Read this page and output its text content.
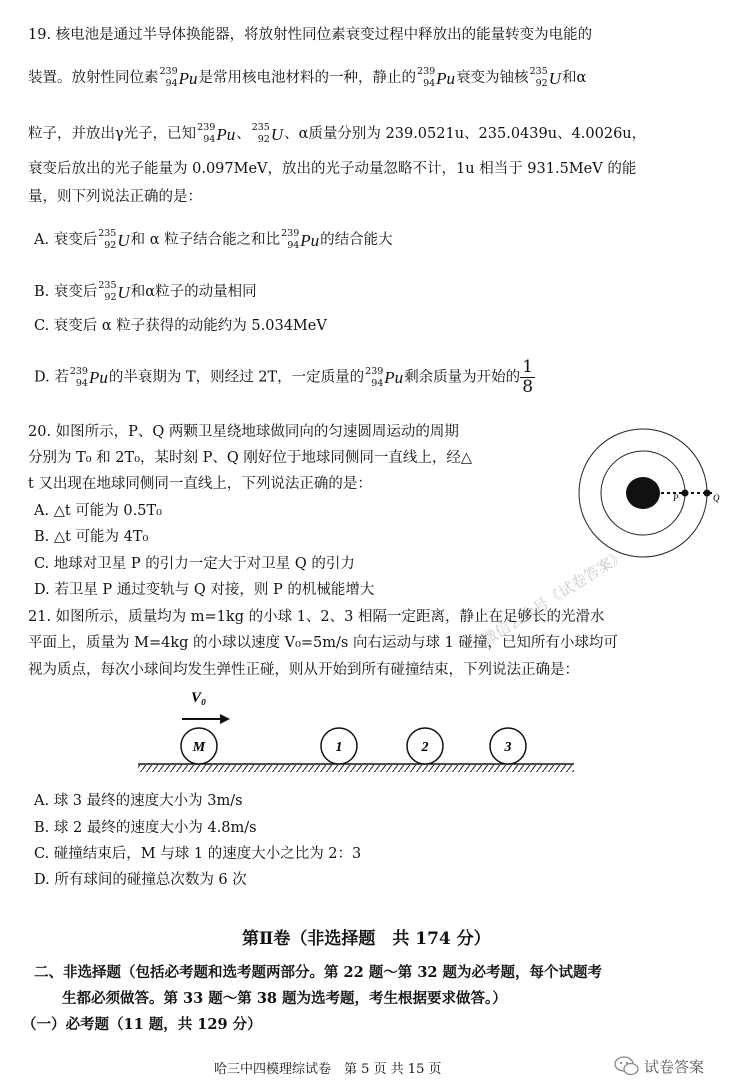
19. 核电池是通过半导体换能器，将放射性同位素衰变过程中释放出的能量转变为电能的
装置。放射性同位素 239
94 Pu 是常用核电池材料的一种，静止的 239
94 Pu 衰变为铀核 235
92 U 和α
粒子，并放出γ光子，已知 239
94 Pu 、 235
92 U 、α质量分别为 239.0521u、235.0439u、4.0026u，
衰变后放出的光子能量为 0.097MeV，放出的光子动量忽略不计，1u 相当于 931.5MeV 的能
量，则下列说法正确的是：
A. 衰变后 235
92 U 和 α 粒子结合能之和比 239
94 Pu 的结合能大
B. 衰变后 235
92 U 和α粒子的动量相同
C. 衰变后 α 粒子获得的动能约为 5.034MeV
D. 若 239
94 Pu 的半衰期为 T，则经过 2T，一定质量的 239
94 Pu 剩余质量为开始的 $\frac{1}{8}$
20. 如图所示，P、Q 两颗卫星绕地球做同向的匀速圆周运动的周期
分别为 T₀ 和 2T₀，某时刻 P、Q 刚好位于地球同侧同一直线上，经△
t 又出现在地球同侧同一直线上，下列说法正确的是：
A. △t 可能为 0.5T₀
B. △t 可能为 4T₀
C. 地球对卫星 P 的引力一定大于对卫星 Q 的引力
D. 若卫星 P 通过变轨与 Q 对接，则 P 的机械能增大
P	Q
微信公众号《试卷答案》
21. 如图所示，质量均为 m=1kg 的小球 1、2、3 相隔一定距离，静止在足够长的光滑水
平面上，质量为 M=4kg 的小球以速度 V₀=5m/s 向右运动与球 1 碰撞，已知所有小球均可
视为质点，每次小球间均发生弹性正碰，则从开始到所有碰撞结束，下列说法正确是：
V₀
M	1	2	3
A. 球 3 最终的速度大小为 3m/s
B. 球 2 最终的速度大小为 4.8m/s
C. 碰撞结束后，M 与球 1 的速度大小之比为 2：3
D. 所有球间的碰撞总次数为 6 次
第Ⅱ卷（非选择题　共 174 分）
二、非选择题（包括必考题和选考题两部分。第 22 题～第 32 题为必考题，每个试题考
生都必须做答。第 33 题～第 38 题为选考题，考生根据要求做答。）
（一）必考题（11 题，共 129 分）
哈三中四模理综试卷　第 5 页 共 15 页	试卷答案
